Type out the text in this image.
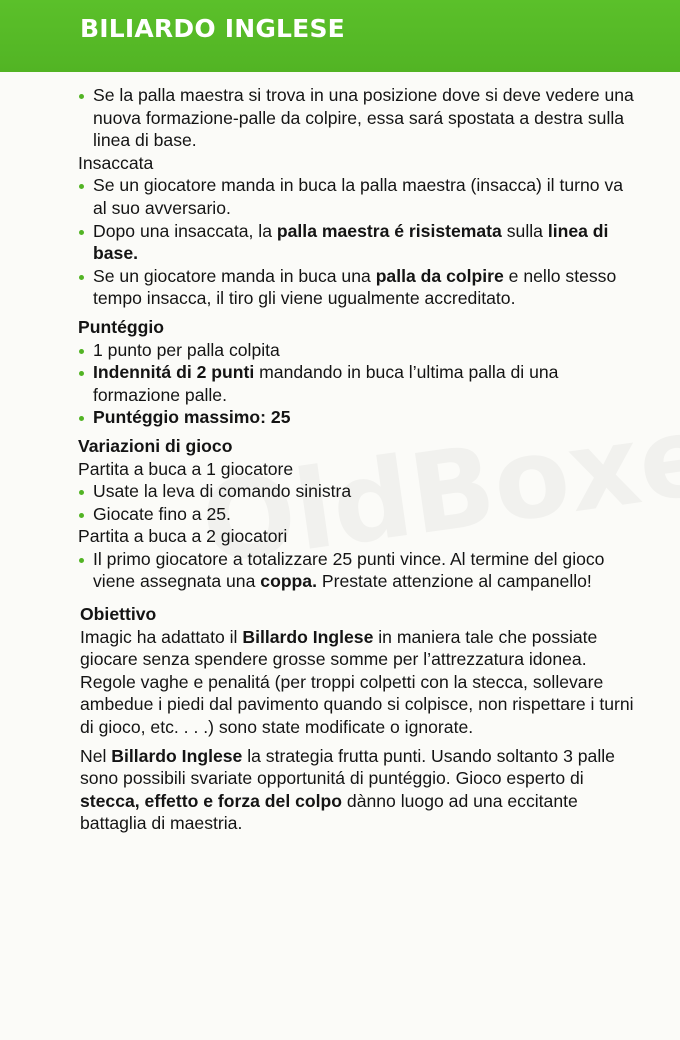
BILIARDO INGLESE
Se la palla maestra si trova in una posizione dove si deve vedere una nuova formazione-palle da colpire, essa sará spostata a destra sulla linea di base.
Insaccata
Se un giocatore manda in buca la palla maestra (insacca) il turno va al suo avversario.
Dopo una insaccata, la palla maestra é risistemata sulla linea di base.
Se un giocatore manda in buca una palla da colpire e nello stesso tempo insacca, il tiro gli viene ugualmente accreditato.
Puntéggio
1 punto per palla colpita
Indennitá di 2 punti mandando in buca l’ultima palla di una formazione palle.
Puntéggio massimo: 25
Variazioni di gioco
Partita a buca a 1 giocatore
Usate la leva di comando sinistra
Giocate fino a 25.
Partita a buca a 2 giocatori
Il primo giocatore a totalizzare 25 punti vince. Al termine del gioco viene assegnata una coppa. Prestate attenzione al campanello!
Obiettivo
Imagic ha adattato il Billardo Inglese in maniera tale che possiate giocare senza spendere grosse somme per l’attrezzatura idonea. Regole vaghe e penalitá (per troppi colpetti con la stecca, sollevare ambedue i piedi dal pavimento quando si colpisce, non rispettare i turni di gioco, etc. . . .) sono state modificate o ignorate.
Nel Billardo Inglese la strategia frutta punti. Usando soltanto 3 palle sono possibili svariate opportunitá di puntéggio. Gioco esperto di stecca, effetto e forza del colpo dànno luogo ad una eccitante battaglia di maestria.
